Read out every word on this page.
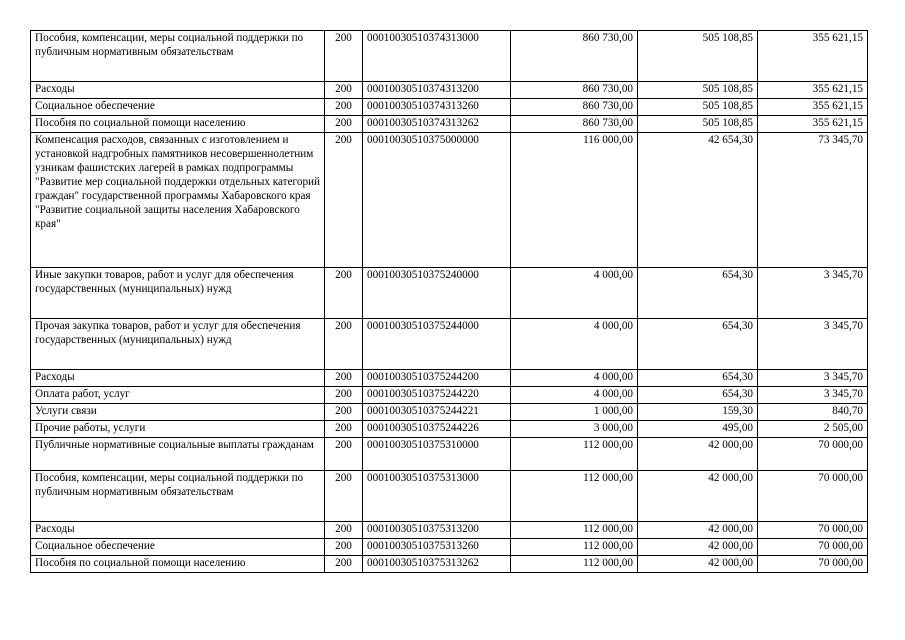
Пособия, компенсации, меры социальной поддержки по публичным нормативным обязательствам	200	00010030510374313000	860 730,00	505 108,85	355 621,15
Расходы	200	00010030510374313200	860 730,00	505 108,85	355 621,15
Социальное обеспечение	200	00010030510374313260	860 730,00	505 108,85	355 621,15
Пособия по социальной помощи населению	200	00010030510374313262	860 730,00	505 108,85	355 621,15
Компенсация расходов, связанных с изготовлением и установкой надгробных памятников несовершеннолетним узникам фашистских лагерей в рамках подпрограммы "Развитие мер социальной поддержки отдельных категорий граждан" государственной программы Хабаровского края "Развитие социальной защиты населения Хабаровского края"	200	00010030510375000000	116 000,00	42 654,30	73 345,70
Иные закупки товаров, работ и услуг для обеспечения государственных (муниципальных) нужд	200	00010030510375240000	4 000,00	654,30	3 345,70
Прочая закупка товаров, работ и услуг для обеспечения государственных (муниципальных) нужд	200	00010030510375244000	4 000,00	654,30	3 345,70
Расходы	200	00010030510375244200	4 000,00	654,30	3 345,70
Оплата работ, услуг	200	00010030510375244220	4 000,00	654,30	3 345,70
Услуги связи	200	00010030510375244221	1 000,00	159,30	840,70
Прочие работы, услуги	200	00010030510375244226	3 000,00	495,00	2 505,00
Публичные нормативные социальные выплаты гражданам	200	00010030510375310000	112 000,00	42 000,00	70 000,00
Пособия, компенсации, меры социальной поддержки по публичным нормативным обязательствам	200	00010030510375313000	112 000,00	42 000,00	70 000,00
Расходы	200	00010030510375313200	112 000,00	42 000,00	70 000,00
Социальное обеспечение	200	00010030510375313260	112 000,00	42 000,00	70 000,00
Пособия по социальной помощи населению	200	00010030510375313262	112 000,00	42 000,00	70 000,00
